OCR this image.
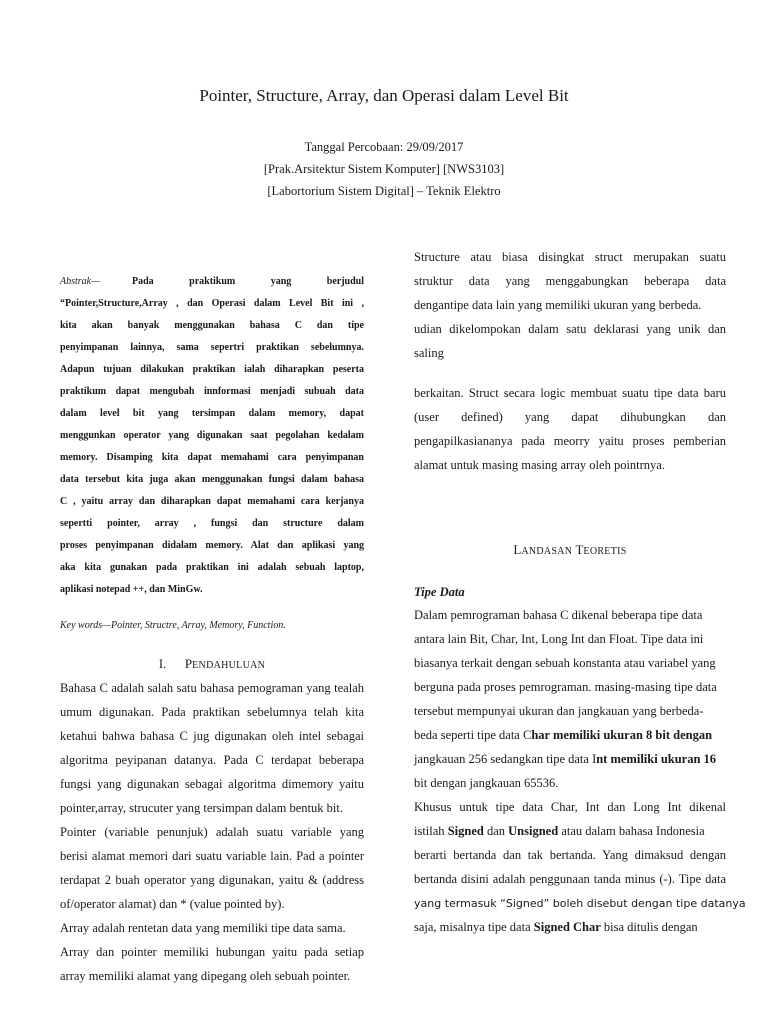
Pointer, Structure, Array, dan Operasi dalam Level Bit
Tanggal Percobaan: 29/09/2017
[Prak.Arsitektur Sistem Komputer] [NWS3103]
[Labortorium Sistem Digital] – Teknik Elektro
Abstrak—	Pada praktikum yang berjudul
“Pointer,Structure,Array , dan Operasi dalam Level Bit ini ,
kita akan banyak menggunakan bahasa C dan tipe
penyimpanan lainnya, sama sepertri praktikan sebelumnya.
Adapun tujuan dilakukan praktikan ialah diharapkan peserta
praktikum dapat mengubah innformasi menjadi subuah data
dalam level bit yang tersimpan dalam memory, dapat
menggunkan operator yang digunakan saat pegolahan kedalam
memory. Disamping kita dapat memahami cara penyimpanan
data tersebut kita juga akan menggunakan fungsi dalam bahasa
C , yaitu array dan diharapkan dapat memahami cara kerjanya
sepertti pointer, array , fungsi dan structure dalam
proses penyimpanan didalam memory. Alat dan aplikasi yang
aka kita gunakan pada praktikan ini adalah sebuah laptop,
aplikasi notepad ++, dan MinGw.
Key words—Pointer, Structre, Array, Memory, Function.
I. PENDAHULUAN
Bahasa C adalah salah satu bahasa pemograman yang tealah
umum digunakan. Pada praktikan sebelumnya telah kita
ketahui bahwa bahasa C jug digunakan oleh intel sebagai
algoritma peyipanan datanya. Pada C terdapat beberapa
fungsi yang digunakan sebagai algoritma dimemory yaitu
pointer,array, strucuter yang tersimpan dalam bentuk bit.
Pointer (variable penunjuk) adalah suatu variable yang
berisi alamat memori dari suatu variable lain. Pad a pointer
terdapat 2 buah operator yang digunakan, yaitu & (address
of/operator alamat) dan * (value pointed by).
Array adalah rentetan data yang memiliki tipe data sama.
Array dan pointer memiliki hubungan yaitu pada setiap
array memiliki alamat yang dipegang oleh sebuah pointer.
Structure atau biasa disingkat struct merupakan suatu
struktur data yang menggabungkan beberapa data
dengantipe data lain yang memiliki ukuran yang berbeda.
udian dikelompokan dalam satu deklarasi yang unik dan
saling
berkaitan. Struct secara logic membuat suatu tipe data baru
(user defined) yang dapat dihubungkan dan
pengapilkasiananya pada meorry yaitu proses pemberian
alamat untuk masing masing array oleh pointrnya.
LANDASAN TEORETIS
Tipe Data
Dalam pemrograman bahasa C dikenal beberapa tipe data
antara lain Bit, Char, Int, Long Int dan Float. Tipe data ini
biasanya terkait dengan sebuah konstanta atau variabel yang
berguna pada proses pemrograman. masing-masing tipe data
tersebut mempunyai ukuran dan jangkauan yang berbeda-
beda seperti tipe data Char memiliki ukuran 8 bit dengan
jangkauan 256 sedangkan tipe data Int memiliki ukuran 16
bit dengan jangkauan 65536.
Khusus untuk tipe data Char, Int dan Long Int dikenal
istilah Signed dan Unsigned atau dalam bahasa Indonesia
berarti bertanda dan tak bertanda. Yang dimaksud dengan
bertanda disini adalah penggunaan tanda minus (-). Tipe data
yang termasuk “Signed” boleh disebut dengan tipe datanya
saja, misalnya tipe data Signed Char bisa ditulis dengan
